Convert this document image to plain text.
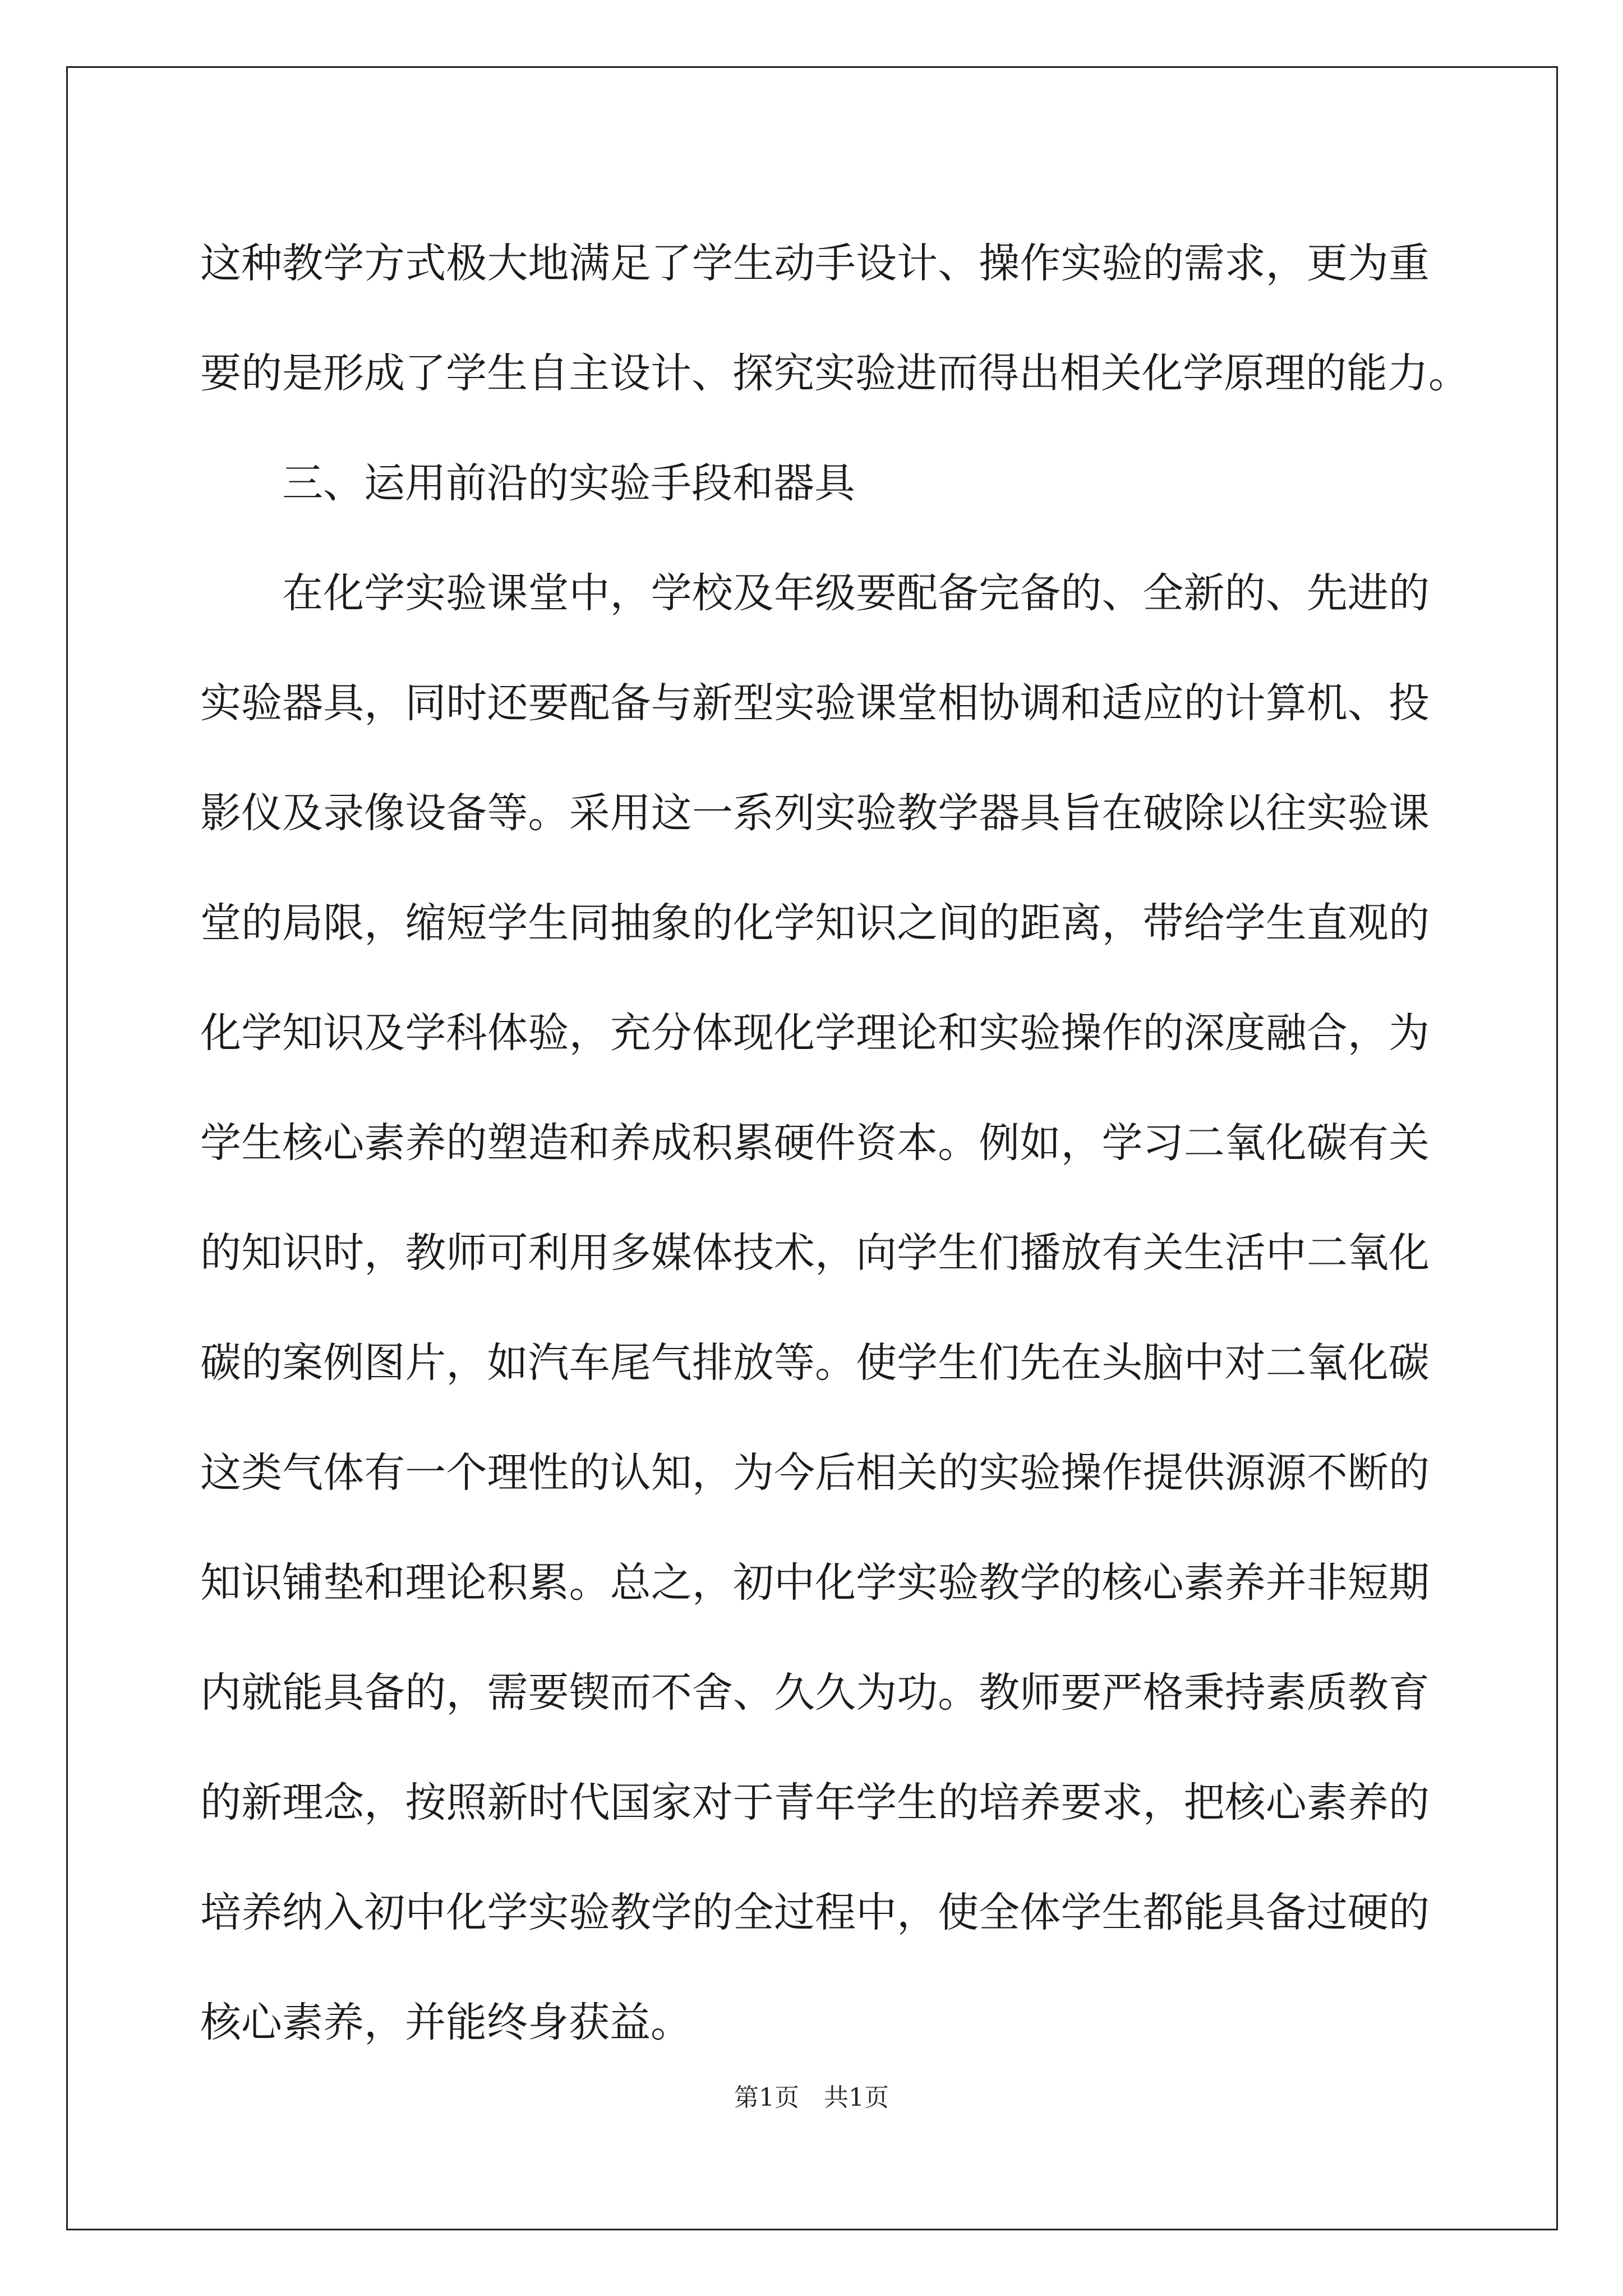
这种教学方式极大地满足了学生动手设计、操作实验的需求，更为重
要的是形成了学生自主设计、探究实验进而得出相关化学原理的能力。
三、运用前沿的实验手段和器具
在化学实验课堂中，学校及年级要配备完备的、全新的、先进的
实验器具，同时还要配备与新型实验课堂相协调和适应的计算机、投
影仪及录像设备等。采用这一系列实验教学器具旨在破除以往实验课
堂的局限，缩短学生同抽象的化学知识之间的距离，带给学生直观的
化学知识及学科体验，充分体现化学理论和实验操作的深度融合，为
学生核心素养的塑造和养成积累硬件资本。例如，学习二氧化碳有关
的知识时，教师可利用多媒体技术，向学生们播放有关生活中二氧化
碳的案例图片，如汽车尾气排放等。使学生们先在头脑中对二氧化碳
这类气体有一个理性的认知，为今后相关的实验操作提供源源不断的
知识铺垫和理论积累。总之，初中化学实验教学的核心素养并非短期
内就能具备的，需要锲而不舍、久久为功。教师要严格秉持素质教育
的新理念，按照新时代国家对于青年学生的培养要求，把核心素养的
培养纳入初中化学实验教学的全过程中，使全体学生都能具备过硬的
核心素养，并能终身获益。
第1页 共1页
